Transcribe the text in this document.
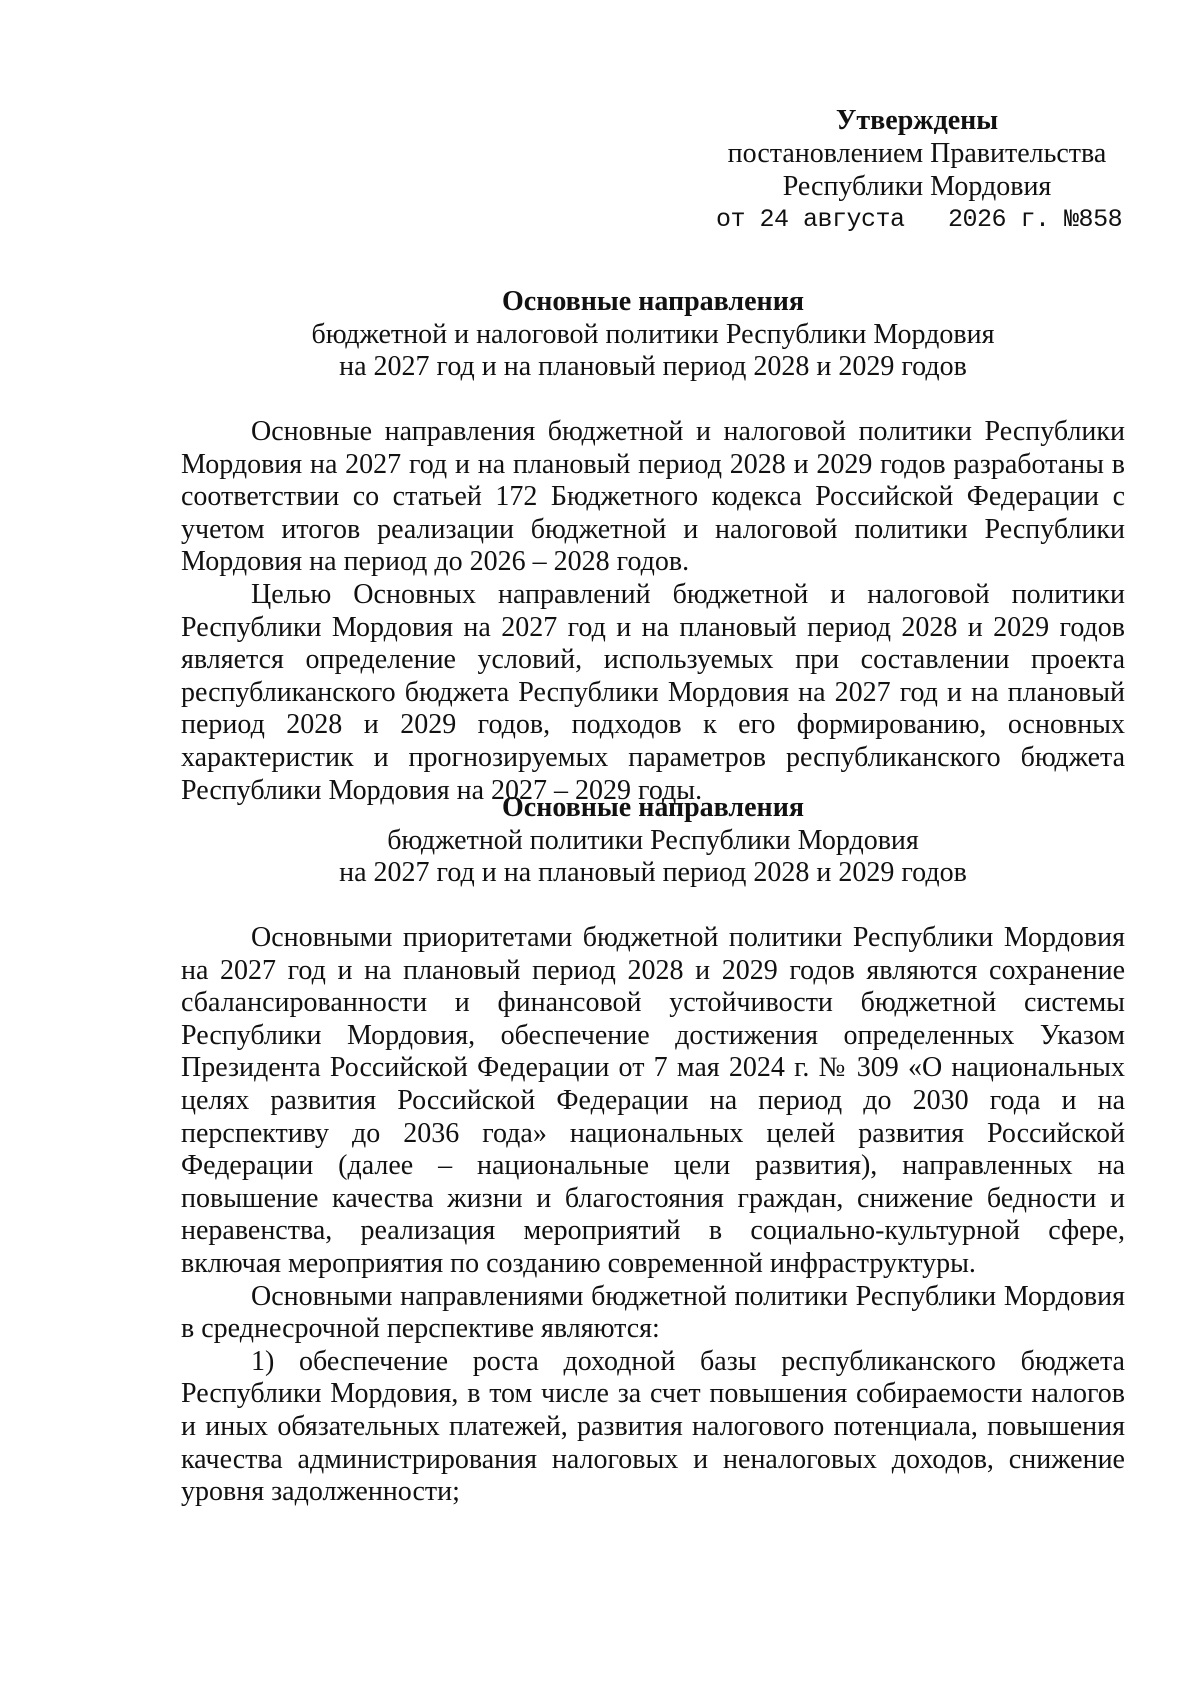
Утверждены
постановлением Правительства
Республики Мордовия
от 24 августа   2026 г. №858
Основные направления
бюджетной и налоговой политики Республики Мордовия
на 2027 год и на плановый период 2028 и 2029 годов

Основные направления бюджетной и налоговой политики Республики Мордовия на 2027 год и на плановый период 2028 и 2029 годов разработаны в соответствии со статьей 172 Бюджетного кодекса Российской Федерации с учетом итогов реализации бюджетной и налоговой политики Республики Мордовия на период до 2026 – 2028 годов.

Целью Основных направлений бюджетной и налоговой политики Республики Мордовия на 2027 год и на плановый период 2028 и 2029 годов является определение условий, используемых при составлении проекта республиканского бюджета Республики Мордовия на 2027 год и на плановый период 2028 и 2029 годов, подходов к его формированию, основных характеристик и прогнозируемых параметров республиканского бюджета Республики Мордовия на 2027 – 2029 годы.

Основные направления
бюджетной политики Республики Мордовия
на 2027 год и на плановый период 2028 и 2029 годов

Основными приоритетами бюджетной политики Республики Мордовия на 2027 год и на плановый период 2028 и 2029 годов являются сохранение сбалансированности и финансовой устойчивости бюджетной системы Республики Мордовия, обеспечение достижения определенных Указом Президента Российской Федерации от 7 мая 2024 г. № 309 «О национальных целях развития Российской Федерации на период до 2030 года и на перспективу до 2036 года» национальных целей развития Российской Федерации (далее – национальные цели развития), направленных на повышение качества жизни и благостояния граждан, снижение бедности и неравенства, реализация мероприятий в социально-культурной сфере, включая мероприятия по созданию современной инфраструктуры.

Основными направлениями бюджетной политики Республики Мордовия в среднесрочной перспективе являются:

1) обеспечение роста доходной базы республиканского бюджета Республики Мордовия, в том числе за счет повышения собираемости налогов и иных обязательных платежей, развития налогового потенциала, повышения качества администрирования налоговых и неналоговых доходов, снижение уровня задолженности;
